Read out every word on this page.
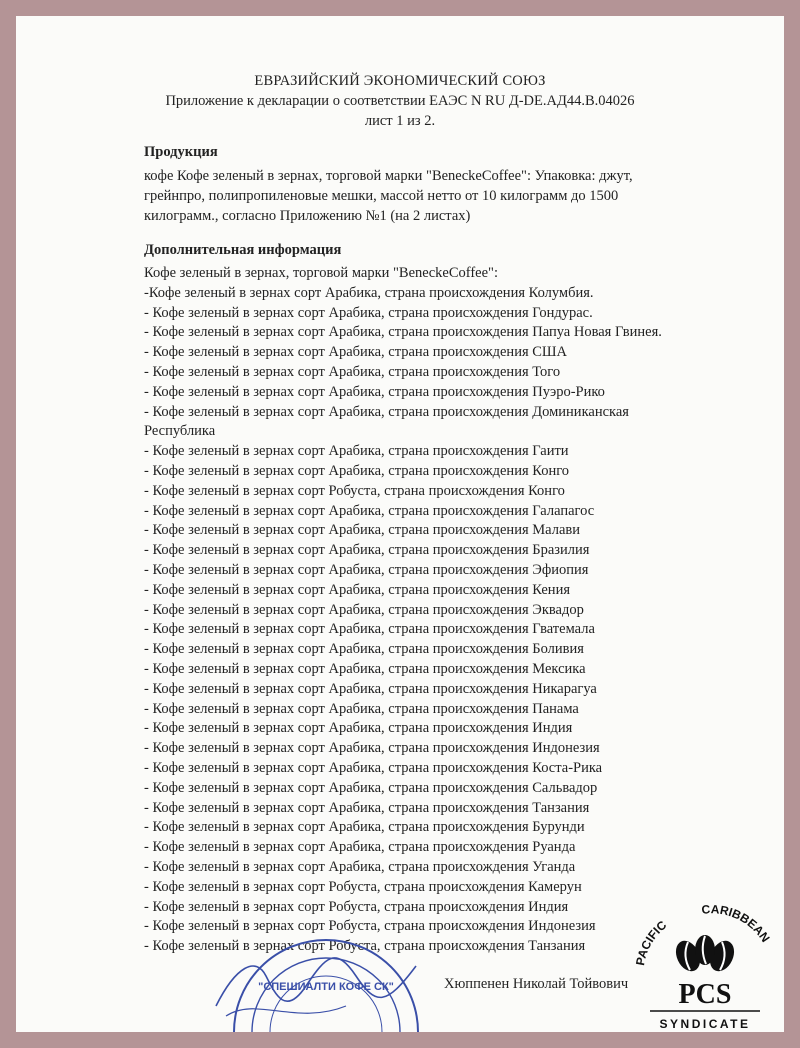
ЕВРАЗИЙСКИЙ ЭКОНОМИЧЕСКИЙ СОЮЗ
Приложение к декларации о соответствии ЕАЭС N RU Д-DE.АД44.В.04026
лист 1 из 2.
Продукция
кофе Кофе зеленый в зернах, торговой марки "BeneckeCoffee": Упаковка: джут,
грейнпро, полипропиленовые мешки, массой нетто от 10 килограмм до 1500
килограмм., согласно Приложению №1 (на 2 листах)
Дополнительная информация
Кофе зеленый в зернах, торговой марки "BeneckeCoffee":
-Кофе зеленый в зернах сорт Арабика, страна происхождения Колумбия.
- Кофе зеленый в зернах сорт Арабика, страна происхождения Гондурас.
- Кофе зеленый в зернах сорт Арабика, страна происхождения Папуа Новая Гвинея.
- Кофе зеленый в зернах сорт Арабика, страна происхождения США
- Кофе зеленый в зернах сорт Арабика, страна происхождения Того
- Кофе зеленый в зернах сорт Арабика, страна происхождения Пуэро-Рико
- Кофе зеленый в зернах сорт Арабика, страна происхождения Доминиканская
Республика
- Кофе зеленый в зернах сорт Арабика, страна происхождения Гаити
- Кофе зеленый в зернах сорт Арабика, страна происхождения Конго
- Кофе зеленый в зернах сорт Робуста, страна происхождения Конго
- Кофе зеленый в зернах сорт Арабика, страна происхождения Галапагос
- Кофе зеленый в зернах сорт Арабика, страна происхождения Малави
- Кофе зеленый в зернах сорт Арабика, страна происхождения Бразилия
- Кофе зеленый в зернах сорт Арабика, страна происхождения Эфиопия
- Кофе зеленый в зернах сорт Арабика, страна происхождения Кения
- Кофе зеленый в зернах сорт Арабика, страна происхождения Эквадор
- Кофе зеленый в зернах сорт Арабика, страна происхождения Гватемала
- Кофе зеленый в зернах сорт Арабика, страна происхождения Боливия
- Кофе зеленый в зернах сорт Арабика, страна происхождения Мексика
- Кофе зеленый в зернах сорт Арабика, страна происхождения Никарагуа
- Кофе зеленый в зернах сорт Арабика, страна происхождения Панама
- Кофе зеленый в зернах сорт Арабика, страна происхождения Индия
- Кофе зеленый в зернах сорт Арабика, страна происхождения Индонезия
- Кофе зеленый в зернах сорт Арабика, страна происхождения Коста-Рика
- Кофе зеленый в зернах сорт Арабика, страна происхождения Сальвадор
- Кофе зеленый в зернах сорт Арабика, страна происхождения Танзания
- Кофе зеленый в зернах сорт Арабика, страна происхождения Бурунди
- Кофе зеленый в зернах сорт Арабика, страна происхождения Руанда
- Кофе зеленый в зернах сорт Арабика, страна происхождения Уганда
- Кофе зеленый в зернах сорт Робуста, страна происхождения Камерун
- Кофе зеленый в зернах сорт Робуста, страна происхождения Индия
- Кофе зеленый в зернах сорт Робуста, страна происхождения Индонезия
- Кофе зеленый в зернах сорт Робуста, страна происхождения Танзания
"СПЕШИАЛТИ КОФЕ СК"	Хюппенен Николай Тойвович
PACIFIC
CARIBBEAN
PCS
SYNDICATE
